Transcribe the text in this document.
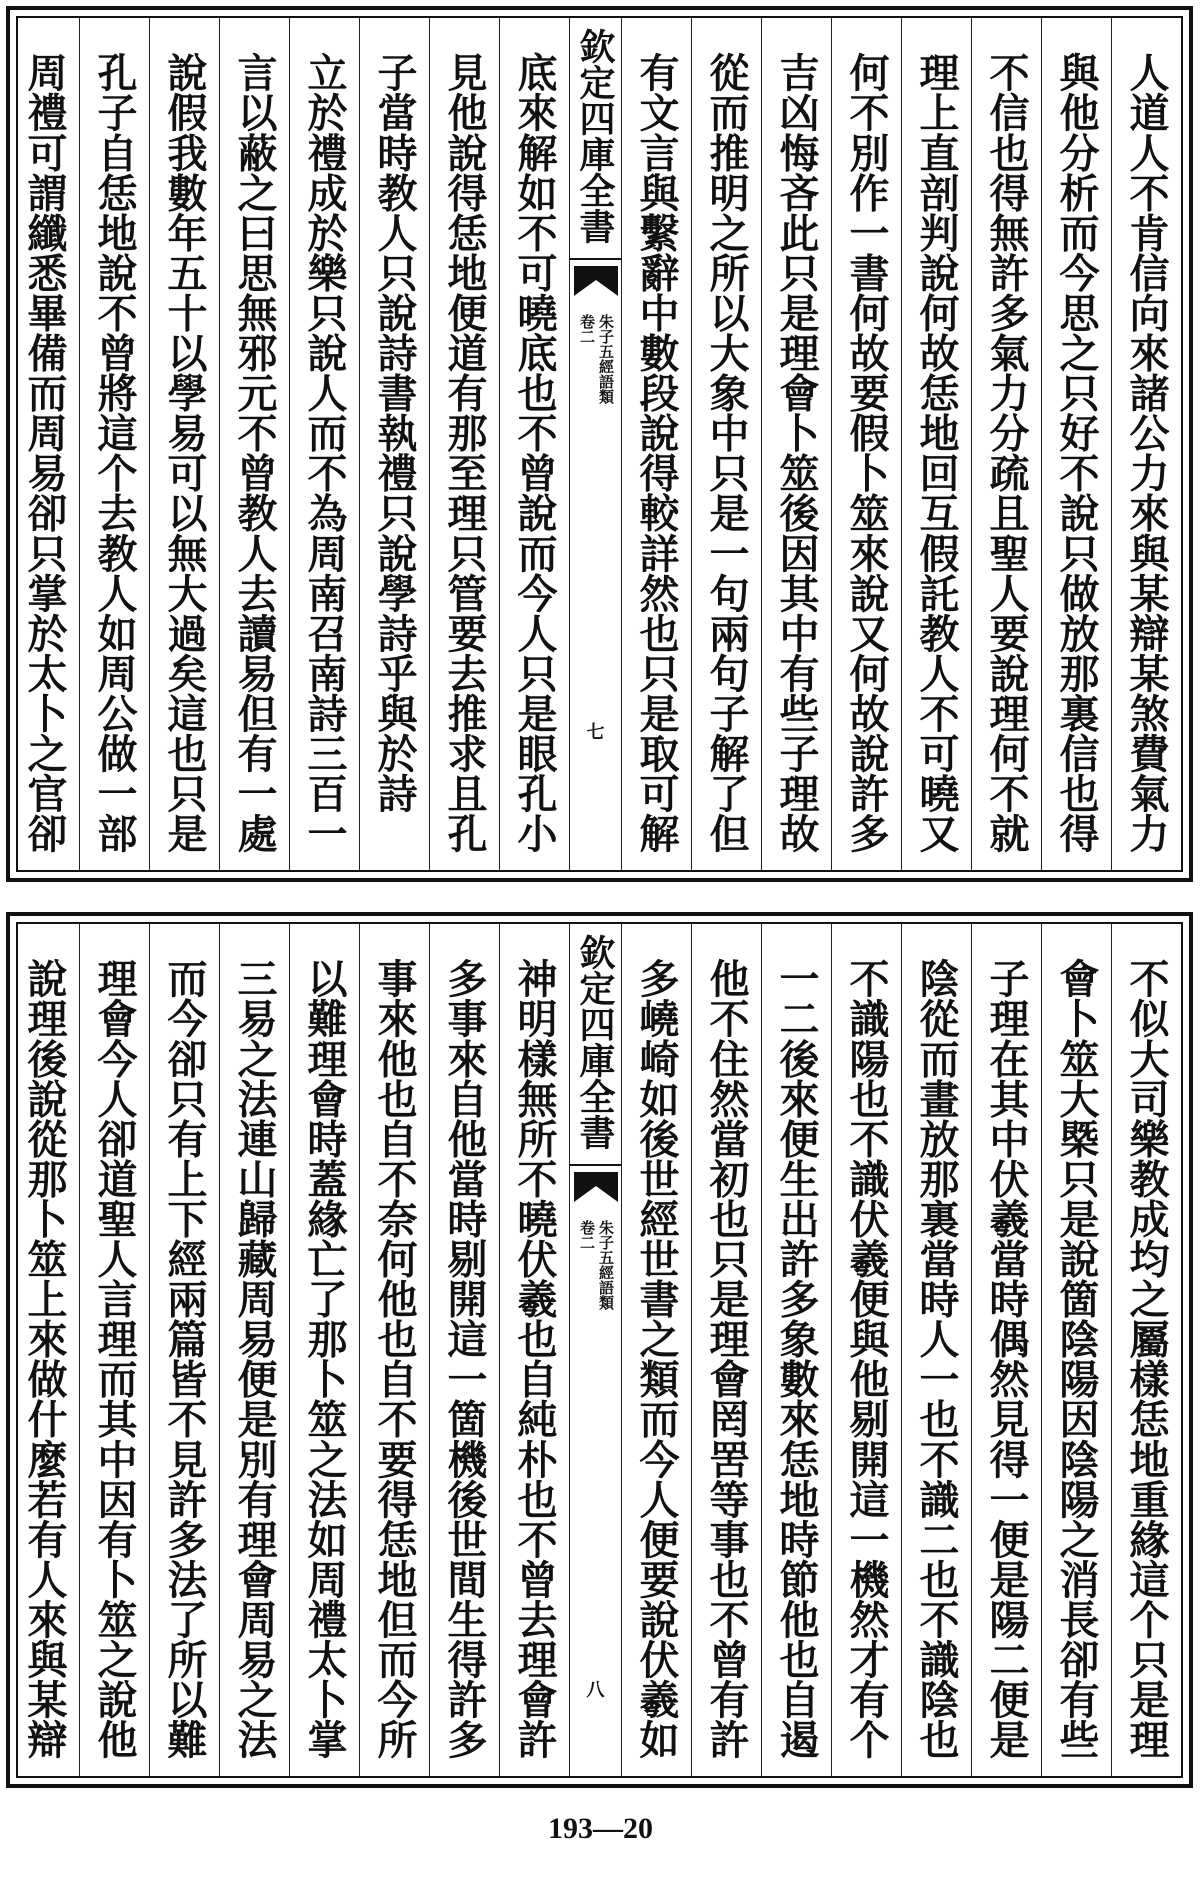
人道人不肯信向來諸公力來與某辯某煞費氣力
與他分析而今思之只好不說只做放那裏信也得
不信也得無許多氣力分疏且聖人要說理何不就
理上直剖判說何故恁地回互假託教人不可曉又
何不別作一書何故要假卜筮來說又何故說許多
吉凶悔吝此只是理會卜筮後因其中有些子理故
從而推明之所以大象中只是一句兩句子解了但
有文言與繫辭中數段說得較詳然也只是取可解
欽定四庫全書
朱子五經語類
卷二
七
底來解如不可曉底也不曾說而今人只是眼孔小
見他說得恁地便道有那至理只管要去推求且孔
子當時教人只說詩書執禮只說學詩乎與於詩
立於禮成於樂只說人而不為周南召南詩三百一
言以蔽之曰思無邪元不曾教人去讀易但有一處
說假我數年五十以學易可以無大過矣這也只是
孔子自恁地說不曾將這个去教人如周公做一部
周禮可謂纖悉畢備而周易卻只掌於太卜之官卻
不似大司樂教成均之屬樣恁地重緣這个只是理
會卜筮大槩只是說箇陰陽因陰陽之消長卻有些
子理在其中伏羲當時偶然見得一便是陽二便是
陰從而畫放那裏當時人一也不識二也不識陰也
不識陽也不識伏羲便與他剔開這一機然才有个
一二後來便生出許多象數來恁地時節他也自遏
他不住然當初也只是理會罔罟等事也不曾有許
多嶢崎如後世經世書之類而今人便要說伏羲如
欽定四庫全書
朱子五經語類
卷二
八
神明樣無所不曉伏羲也自純朴也不曾去理會許
多事來自他當時剔開這一箇機後世間生得許多
事來他也自不奈何他也自不要得恁地但而今所
以難理會時蓋緣亡了那卜筮之法如周禮太卜掌
三易之法連山歸藏周易便是別有理會周易之法
而今卻只有上下經兩篇皆不見許多法了所以難
理會今人卻道聖人言理而其中因有卜筮之說他
說理後說從那卜筮上來做什麼若有人來與某辯
193—20
